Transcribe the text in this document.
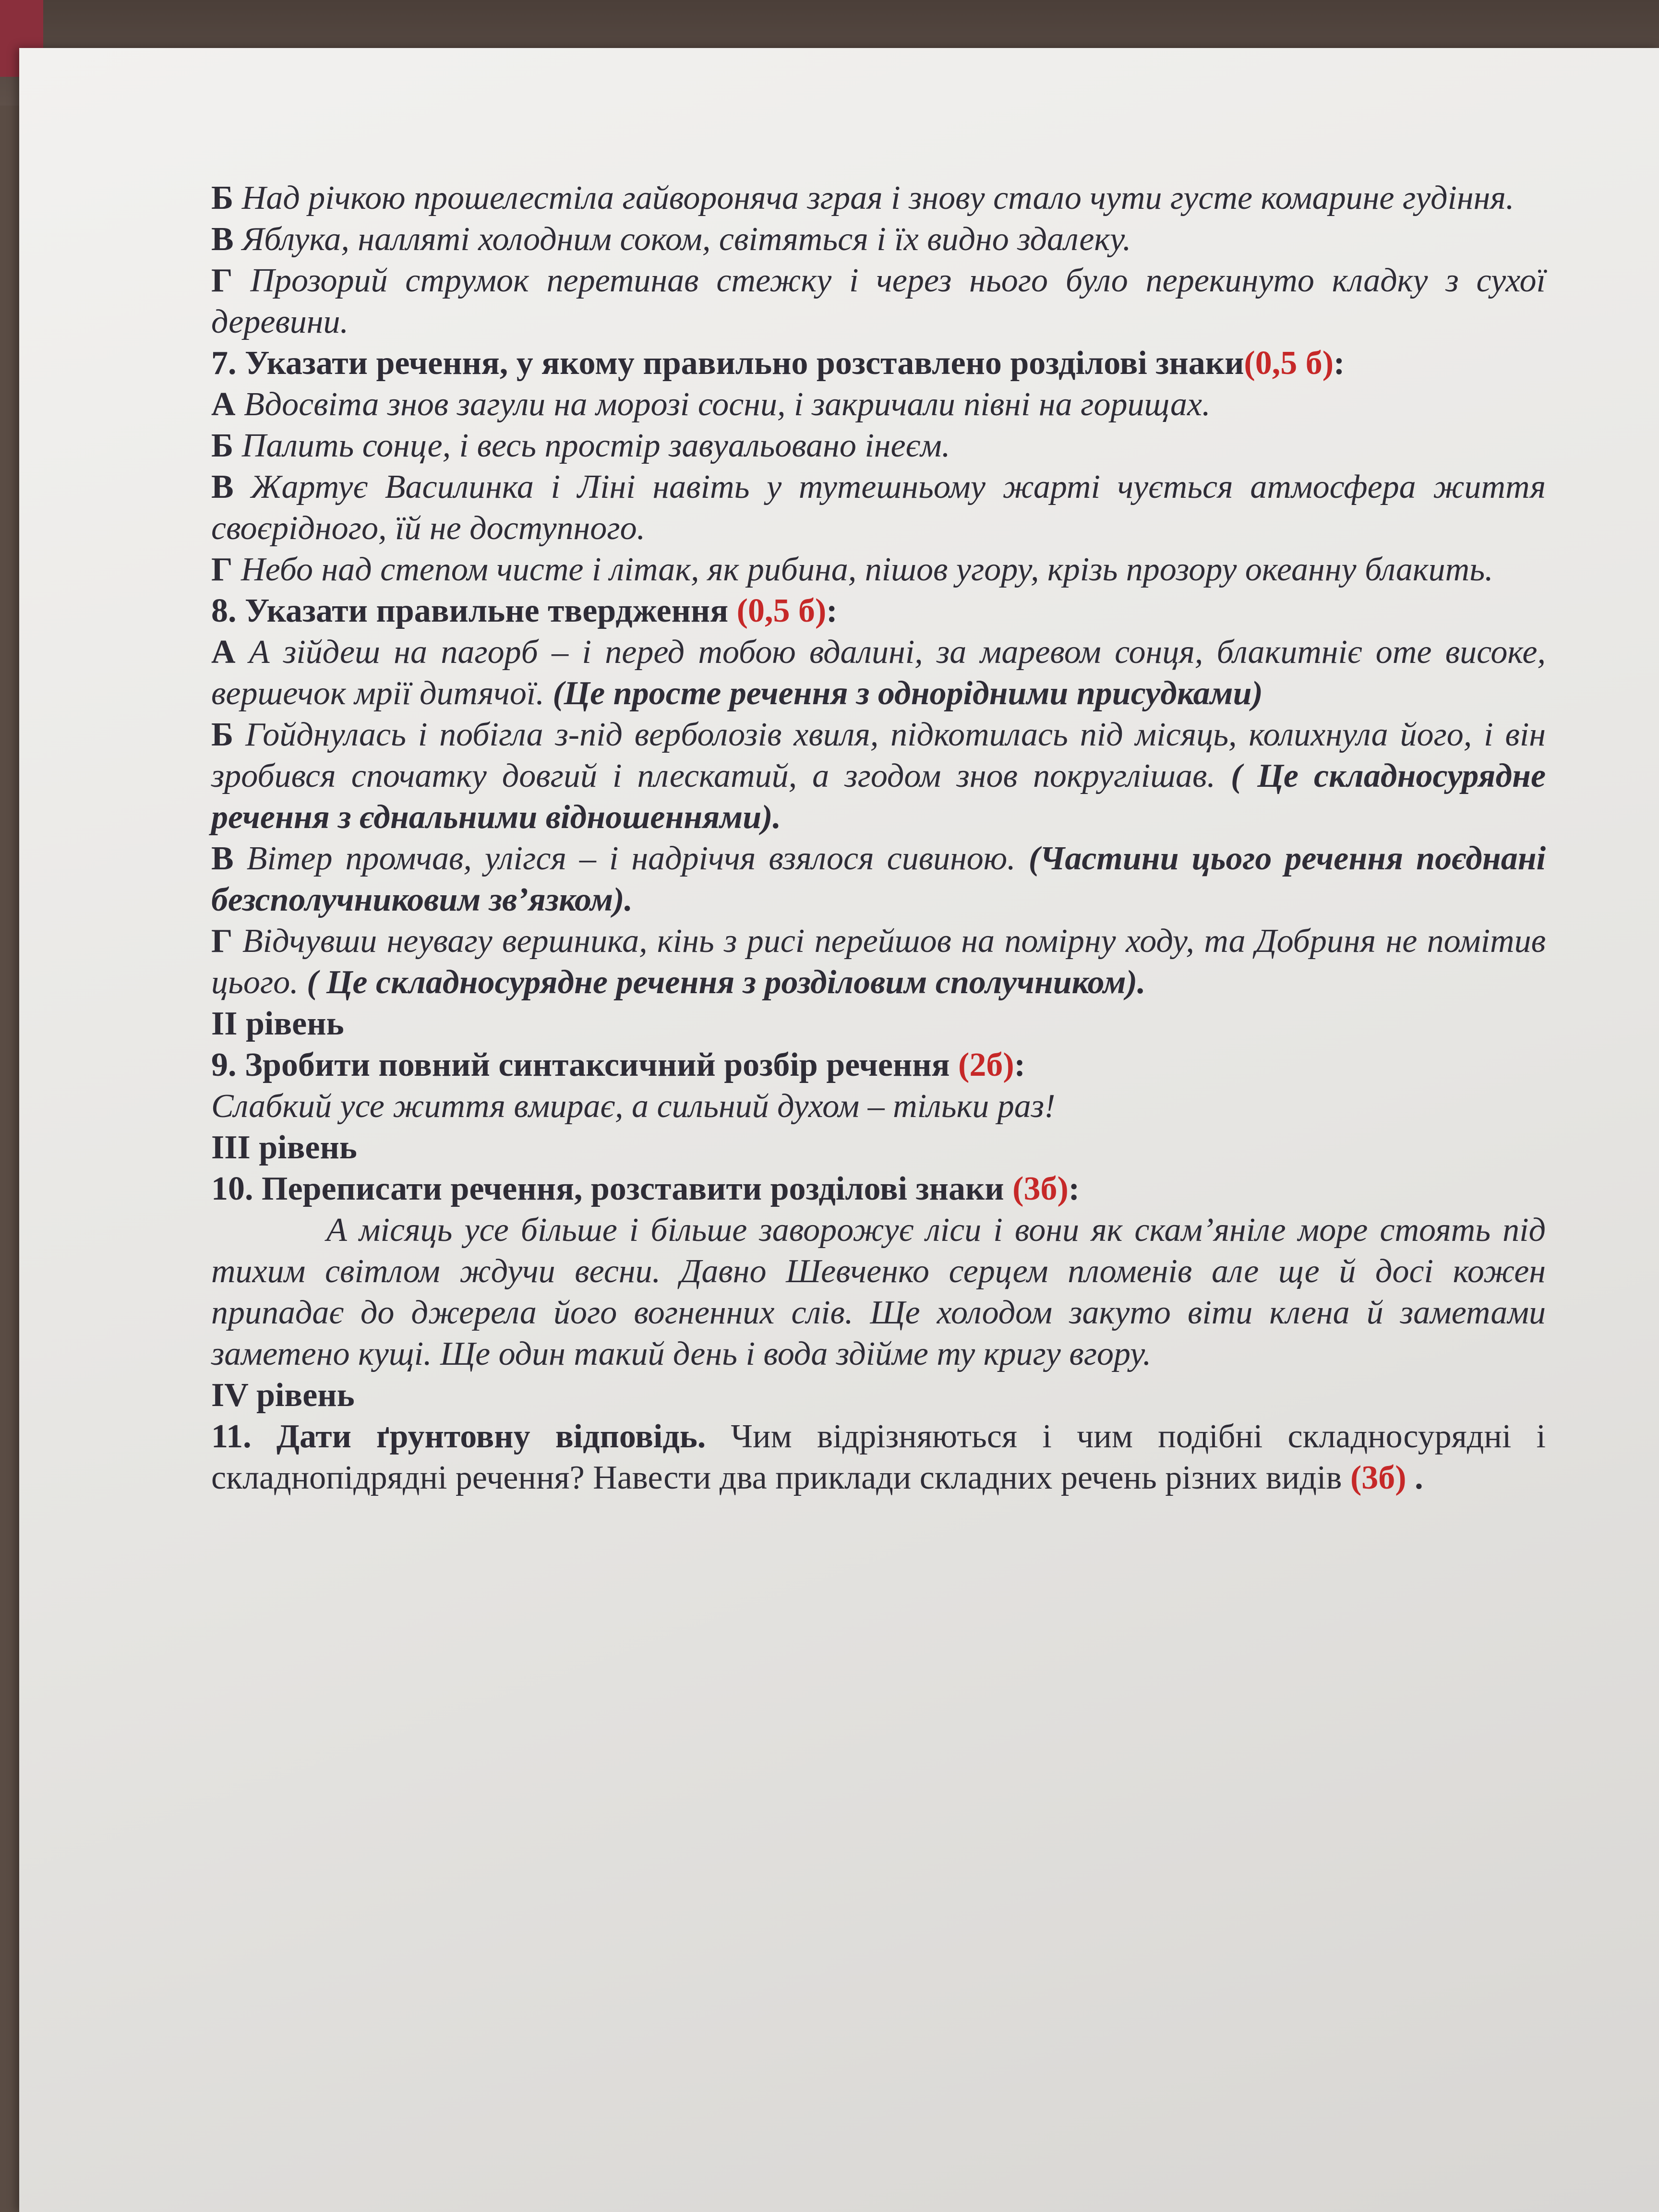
Б Над річкою прошелестіла гайвороняча зграя і знову стало чути густе комарине гудіння.

В Яблука, наллятi холодним соком, світяться і їх видно здалеку.

Г Прозорий струмок перетинав стежку і через нього було перекинуто кладку з сухої деревини.

7. Указати речення, у якому правильно розставлено розділові знаки(0,5 б):

А Вдосвіта знов загули на морозі сосни, і закричали півні на горищах.

Б Палить сонце, і весь простір завуальовано інеєм.

В Жартує Василинка і Ліні навіть у тутешньому жарті чується атмосфера життя своєрідного, їй не доступного.

Г Небо над степом чисте і літак, як рибина, пішов угору, крізь прозору океанну блакить.

8. Указати правильне твердження (0,5 б):

А А зійдеш на пагорб – і перед тобою вдалині, за маревом сонця, блакитніє оте високе, вершечок мрії дитячої. (Це просте речення з однорідними присудками)

Б Гойднулась і побігла з-під верболозів хвиля, підкотилась під місяць, колихнула його, і він зробився спочатку довгий і плескатий, а згодом знов покруглішав. ( Це складносурядне речення з єднальними відношеннями).

В Вітер промчав, улігся – і надріччя взялося сивиною. (Частини цього речення поєднані безсполучниковим зв’язком).

Г Відчувши неувагу вершника, кінь з рисі перейшов на помірну ходу, та Добриня не помітив цього. ( Це складносурядне речення з розділовим сполучником).

ІІ рівень

9. Зробити повний синтаксичний розбір речення (2б):

Слабкий усе життя вмирає, а сильний духом – тільки раз!

ІІІ рівень

10. Переписати речення, розставити розділові знаки (3б):

А місяць усе більше і більше заворожує ліси і вони як скам’яніле море стоять під тихим світлом ждучи весни. Давно Шевченко серцем пломенів але ще й досі кожен припадає до джерела його вогненних слів. Ще холодом закуто віти клена й заметами заметено кущі. Ще один такий день і вода здійме ту кригу вгору.

ІV рівень

11. Дати ґрунтовну відповідь. Чим відрізняються і чим подібні складносурядні і складнопідрядні речення? Навести два приклади складних речень різних видів (3б) .
